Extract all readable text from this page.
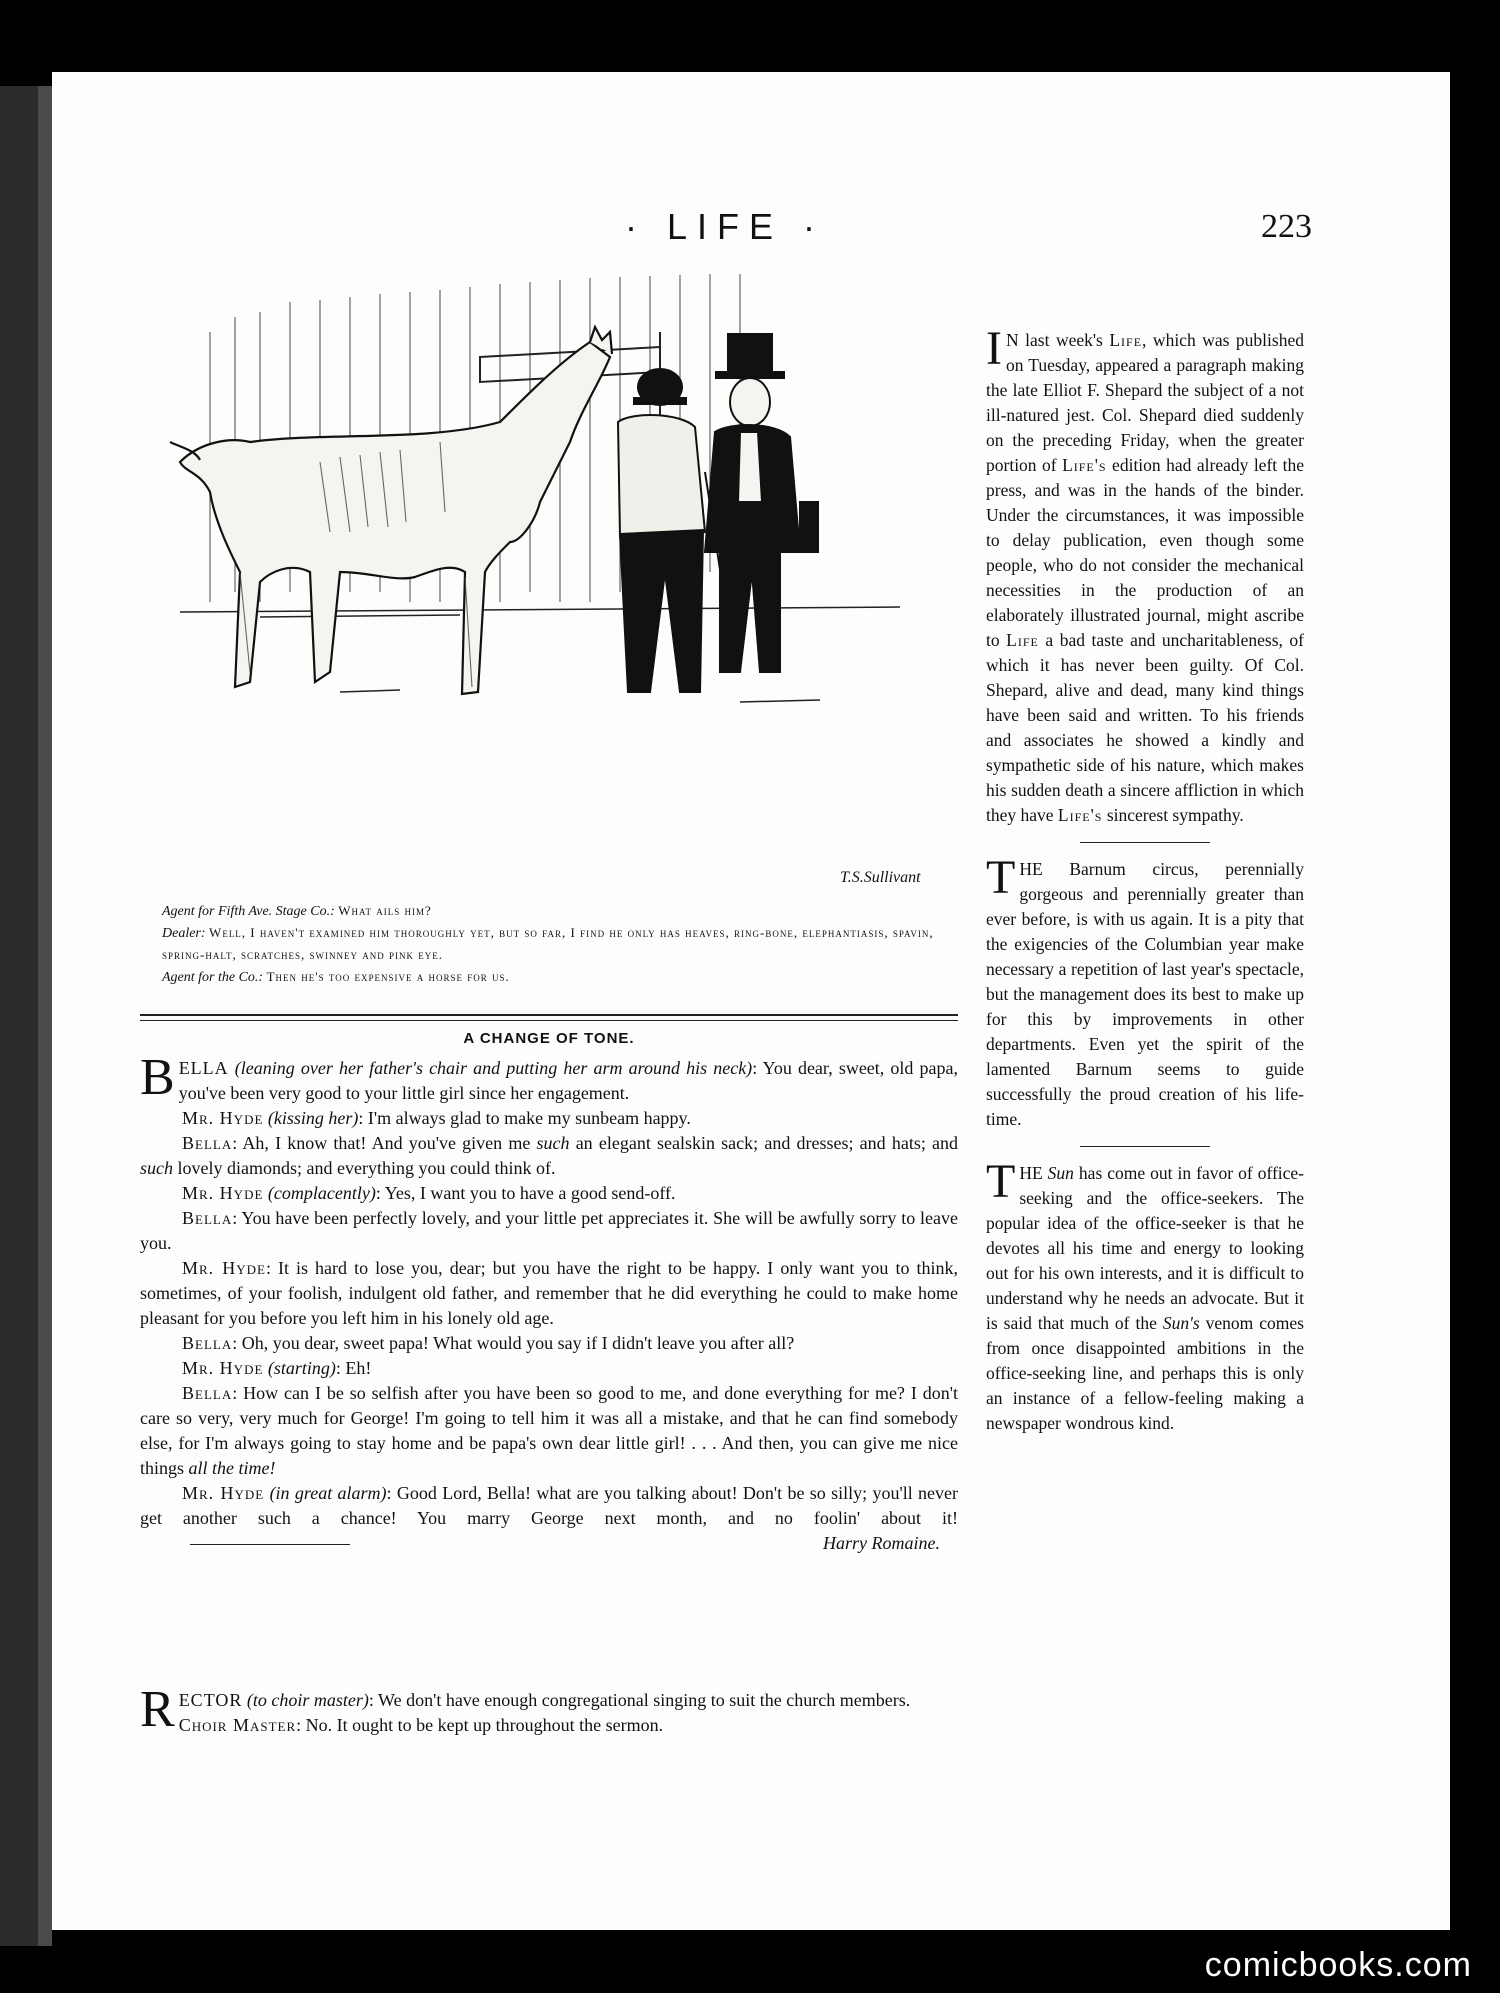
· LIFE ·	223
T.S.Sullivant

Agent for Fifth Ave. Stage Co.: What ails him?

Dealer: Well, I haven't examined him thoroughly yet, but so far, I find he only has heaves, ring-bone, elephantiasis, spavin, spring-halt, scratches, swinney and pink eye.

Agent for the Co.: Then he's too expensive a horse for us.

A CHANGE OF TONE.

BELLA (leaning over her father's chair and putting her arm around his neck): You dear, sweet, old papa, you've been very good to your little girl since her engagement.

Mr. Hyde (kissing her): I'm always glad to make my sunbeam happy.

Bella: Ah, I know that! And you've given me such an elegant sealskin sack; and dresses; and hats; and such lovely diamonds; and everything you could think of.

Mr. Hyde (complacently): Yes, I want you to have a good send-off.

Bella: You have been perfectly lovely, and your little pet appreciates it. She will be awfully sorry to leave you.

Mr. Hyde: It is hard to lose you, dear; but you have the right to be happy. I only want you to think, sometimes, of your foolish, indulgent old father, and remember that he did everything he could to make home pleasant for you before you left him in his lonely old age.

Bella: Oh, you dear, sweet papa! What would you say if I didn't leave you after all?

Mr. Hyde (starting): Eh!

Bella: How can I be so selfish after you have been so good to me, and done everything for me? I don't care so very, very much for George! I'm going to tell him it was all a mistake, and that he can find somebody else, for I'm always going to stay home and be papa's own dear little girl! . . . And then, you can give me nice things all the time!

Mr. Hyde (in great alarm): Good Lord, Bella! what are you talking about! Don't be so silly; you'll never get another such a chance! You marry George next month, and no foolin' about it!
Harry Romaine.

RECTOR (to choir master): We don't have enough congregational singing to suit the church members.

Choir Master: No. It ought to be kept up throughout the sermon.

I N last week's Life, which was published on Tuesday, appeared a paragraph making the late Elliot F. Shepard the subject of a not ill-natured jest. Col. Shepard died suddenly on the preceding Friday, when the greater portion of Life's edition had already left the press, and was in the hands of the binder. Under the circumstances, it was impossible to delay publication, even though some people, who do not consider the mechanical necessities in the production of an elaborately illustrated journal, might ascribe to Life a bad taste and uncharitableness, of which it has never been guilty. Of Col. Shepard, alive and dead, many kind things have been said and written. To his friends and associates he showed a kindly and sympathetic side of his nature, which makes his sudden death a sincere affliction in which they have Life's sincerest sympathy.

THE Barnum circus, perennially gorgeous and perennially greater than ever before, is with us again. It is a pity that the exigencies of the Columbian year make necessary a repetition of last year's spectacle, but the management does its best to make up for this by improvements in other departments. Even yet the spirit of the lamented Barnum seems to guide successfully the proud creation of his life-time.

THE Sun has come out in favor of office-seeking and the office-seekers. The popular idea of the office-seeker is that he devotes all his time and energy to looking out for his own interests, and it is difficult to understand why he needs an advocate. But it is said that much of the Sun's venom comes from once disappointed ambitions in the office-seeking line, and perhaps this is only an instance of a fellow-feeling making a newspaper wondrous kind.

comicbooks.com
